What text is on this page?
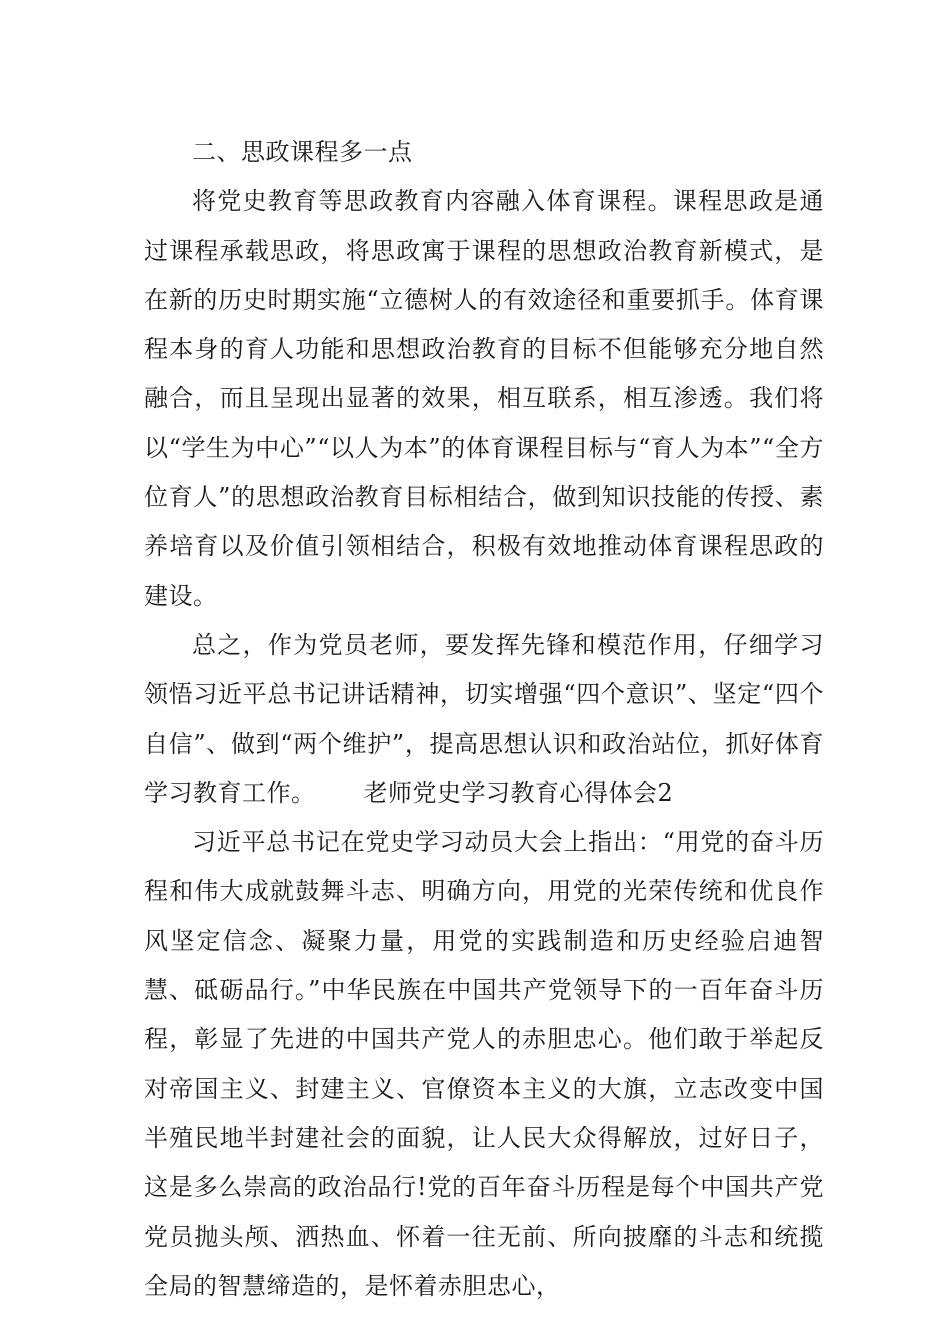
二、思政课程多一点

将党史教育等思政教育内容融入体育课程。课程思政是通过课程承载思政，将思政寓于课程的思想政治教育新模式，是在新的历史时期实施“立德树人的有效途径和重要抓手。体育课程本身的育人功能和思想政治教育的目标不但能够充分地自然融合，而且呈现出显著的效果，相互联系，相互渗透。我们将以“学生为中心”“以人为本”的体育课程目标与“育人为本”“全方位育人”的思想政治教育目标相结合，做到知识技能的传授、素养培育以及价值引领相结合，积极有效地推动体育课程思政的建设。

总之，作为党员老师，要发挥先锋和模范作用，仔细学习领悟习近平总书记讲话精神，切实增强“四个意识”、坚定“四个自信”、做到“两个维护”，提高思想认识和政治站位，抓好体育学习教育工作。 老师党史学习教育心得体会2

习近平总书记在党史学习动员大会上指出：“用党的奋斗历程和伟大成就鼓舞斗志、明确方向，用党的光荣传统和优良作风坚定信念、凝聚力量，用党的实践制造和历史经验启迪智慧、砥砺品行。”中华民族在中国共产党领导下的一百年奋斗历程，彰显了先进的中国共产党人的赤胆忠心。他们敢于举起反对帝国主义、封建主义、官僚资本主义的大旗，立志改变中国半殖民地半封建社会的面貌，让人民大众得解放，过好日子，这是多么崇高的政治品行!党的百年奋斗历程是每个中国共产党党员抛头颅、洒热血、怀着一往无前、所向披靡的斗志和统揽全局的智慧缔造的，是怀着赤胆忠心，
